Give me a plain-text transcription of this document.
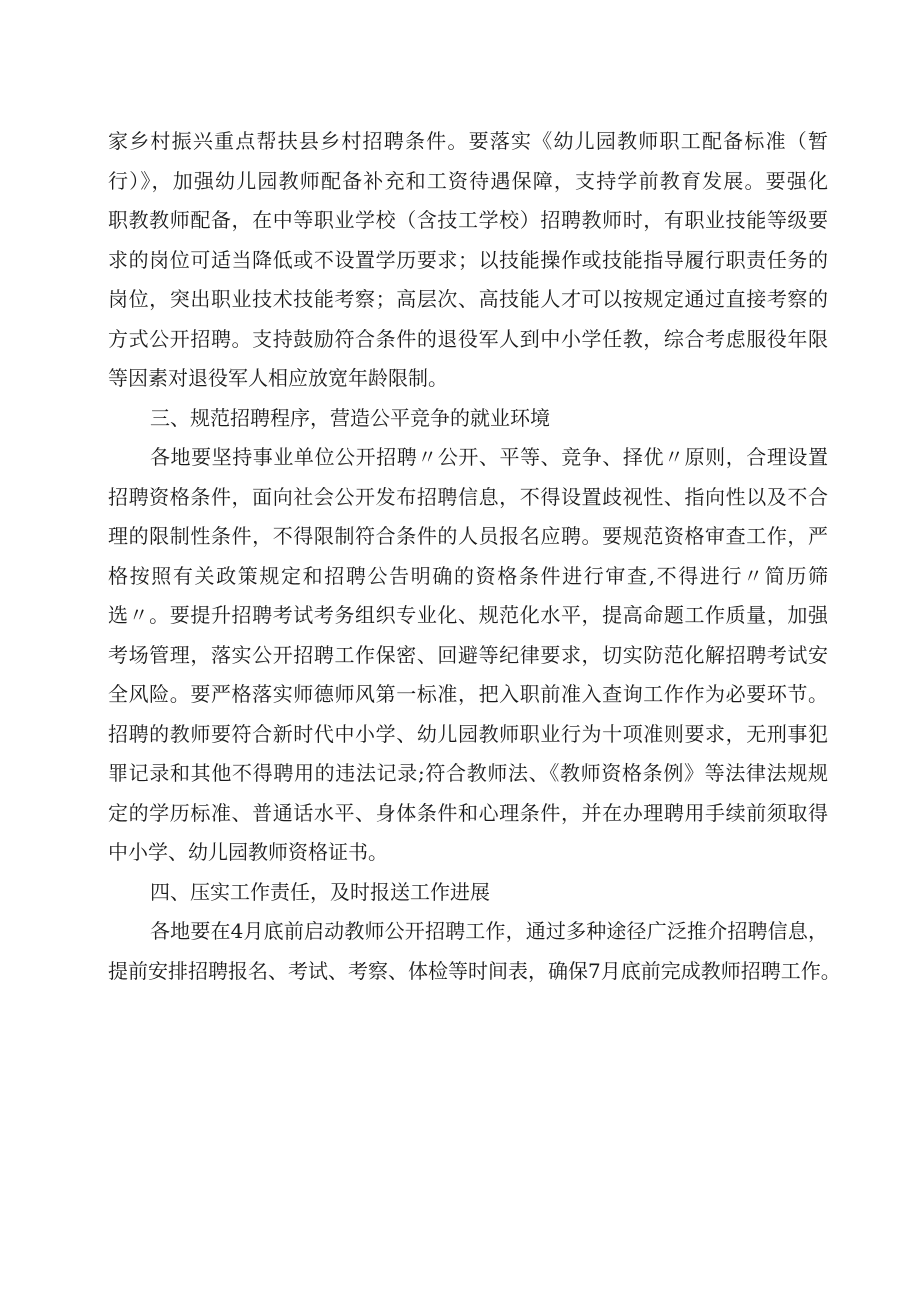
家乡村振兴重点帮扶县乡村招聘条件。要落实《幼儿园教师职工配备标准（暂
行）》，加强幼儿园教师配备补充和工资待遇保障，支持学前教育发展。要强化
职教教师配备，在中等职业学校（含技工学校）招聘教师时，有职业技能等级要
求的岗位可适当降低或不设置学历要求；以技能操作或技能指导履行职责任务的
岗位，突出职业技术技能考察；高层次、高技能人才可以按规定通过直接考察的
方式公开招聘。支持鼓励符合条件的退役军人到中小学任教，综合考虑服役年限
等因素对退役军人相应放宽年龄限制。
三、规范招聘程序，营造公平竞争的就业环境
各地要坚持事业单位公开招聘〃公开、平等、竞争、择优〃原则，合理设置
招聘资格条件，面向社会公开发布招聘信息，不得设置歧视性、指向性以及不合
理的限制性条件，不得限制符合条件的人员报名应聘。要规范资格审查工作，严
格按照有关政策规定和招聘公告明确的资格条件进行审查,不得进行〃简历筛
选〃。要提升招聘考试考务组织专业化、规范化水平，提高命题工作质量，加强
考场管理，落实公开招聘工作保密、回避等纪律要求，切实防范化解招聘考试安
全风险。要严格落实师德师风第一标准，把入职前准入查询工作作为必要环节。
招聘的教师要符合新时代中小学、幼儿园教师职业行为十项准则要求，无刑事犯
罪记录和其他不得聘用的违法记录;符合教师法、《教师资格条例》等法律法规规
定的学历标准、普通话水平、身体条件和心理条件，并在办理聘用手续前须取得
中小学、幼儿园教师资格证书。
四、压实工作责任，及时报送工作进展
各地要在4月底前启动教师公开招聘工作，通过多种途径广泛推介招聘信息，
提前安排招聘报名、考试、考察、体检等时间表，确保7月底前完成教师招聘工作。
